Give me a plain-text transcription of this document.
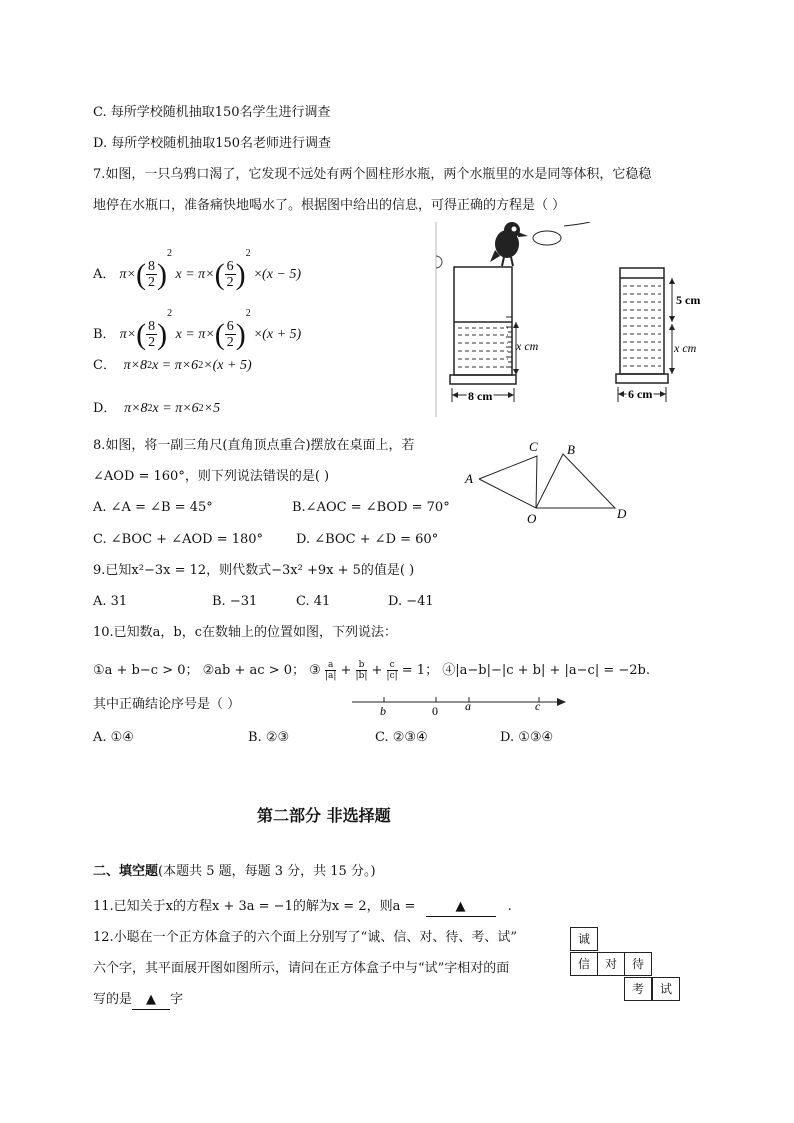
C. 每所学校随机抽取150名学生进行调查
D. 每所学校随机抽取150名老师进行调查
7.如图，一只乌鸦口渴了，它发现不远处有两个圆柱形水瓶，两个水瓶里的水是同等体积，它稳稳
地停在水瓶口，准备痛快地喝水了。根据图中给出的信息，可得正确的方程是（ ）
A． $\pi\times( \frac{8}{2} )^2$ $x = \pi\times( \frac{6}{2} )^2 \times(x - 5)$
B． $\pi\times( \frac{8}{2} )^2$ $x = \pi\times( \frac{6}{2} )^2 \times(x + 5)$
C．  $\pi\times 8^2x = \pi\times 6^2\times(x + 5)$
D．  $\pi\times 8^2x = \pi\times 6^2\times 5$
x cm
8 cm
5 cm
x cm
6 cm
8.如图，将一副三角尺(直角顶点重合)摆放在桌面上，若
∠AOD = 160°，则下列说法错误的是( )
A. ∠A = ∠B = 45°	B.∠AOC = ∠BOD = 70°
C. ∠BOC + ∠AOD = 180°	D. ∠BOC + ∠D = 60°
A
C B
D
O
9.已知x²−3x = 12，则代数式−3x² +9x + 5的值是( )
A. 31	B. −31	C. 41	D. −41
10.已知数a，b，c在数轴上的位置如图，下列说法：
①a + b−c > 0； ②ab + ac > 0； ③ $\frac{a}{|a|} + \frac{b}{|b|} + \frac{c}{|c|} = 1$； ④|a−b|−|c + b| + |a−c| = −2b.
其中正确结论序号是（ ）	b	0 a	c
A. ①④	B. ②③	C. ②③④	D. ①③④
第二部分 非选择题
二、填空题(本题共 5 题，每题 3 分，共 15 分。)
11.已知关于x的方程x + 3a = −1的解为x = 2，则a =	▲	.
12.小聪在一个正方体盒子的六个面上分别写了“诚、信、对、待、考、试”
六个字，其平面展开图如图所示，请问在正方体盒子中与“试”字相对的面
写的是 ▲ 字
诚
信	对	待
考	试
